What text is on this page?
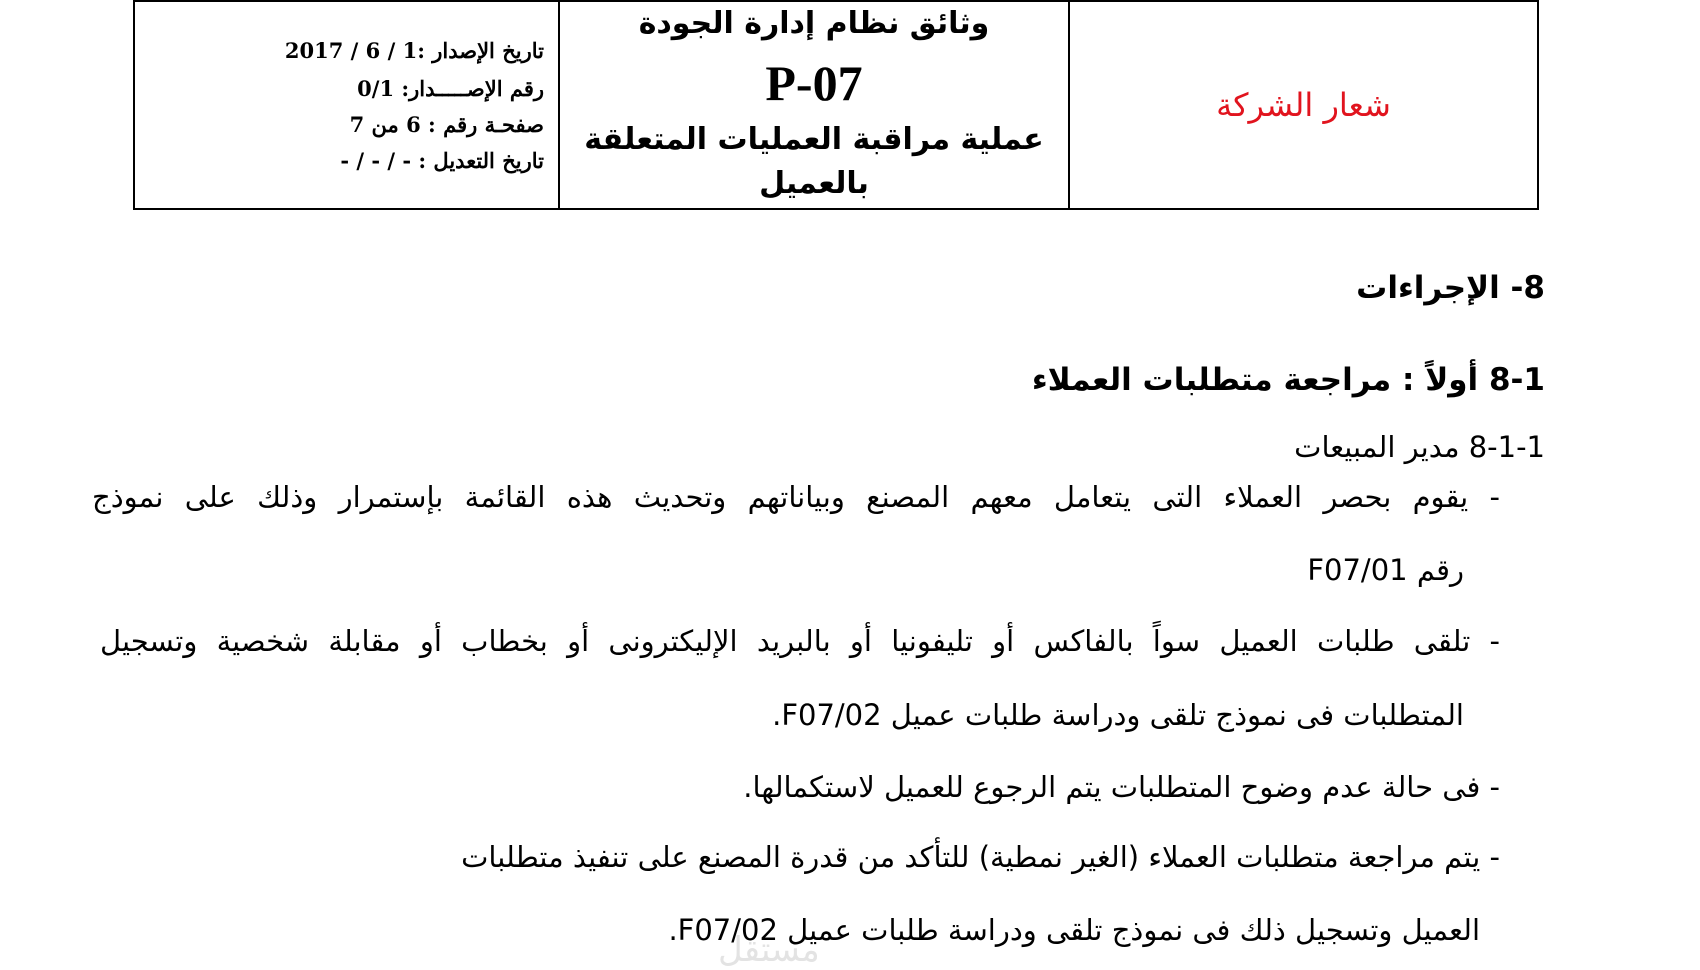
تاريخ الإصدار :1 / 6 / 2017
رقم الإصـــــدار: 0/1
صفحـة رقم : 6 من 7
تاريخ التعديل : - / - / -
وثائق نظام إدارة الجودة
P-07
عملية مراقبة العمليات المتعلقة بالعميل
شعار الشركة
8- الإجراءات
8-1 أولاً : مراجعة متطلبات العملاء
8-1-1 مدير المبيعات
- يقوم بحصر العملاء التى يتعامل معهم المصنع وبياناتهم وتحديث هذه القائمة بإستمرار وذلك على نموذج
رقم F07/01
- تلقى طلبات العميل سواً بالفاكس أو تليفونيا أو بالبريد الإليكترونى أو بخطاب أو مقابلة شخصية وتسجيل
المتطلبات فى نموذج تلقى ودراسة طلبات عميل F07/02.
- فى حالة عدم وضوح المتطلبات يتم الرجوع للعميل لاستكمالها.
- يتم مراجعة متطلبات العملاء (الغير نمطية) للتأكد من قدرة المصنع على تنفيذ متطلبات
العميل وتسجيل ذلك فى نموذج تلقى ودراسة طلبات عميل F07/02.
مستقل
